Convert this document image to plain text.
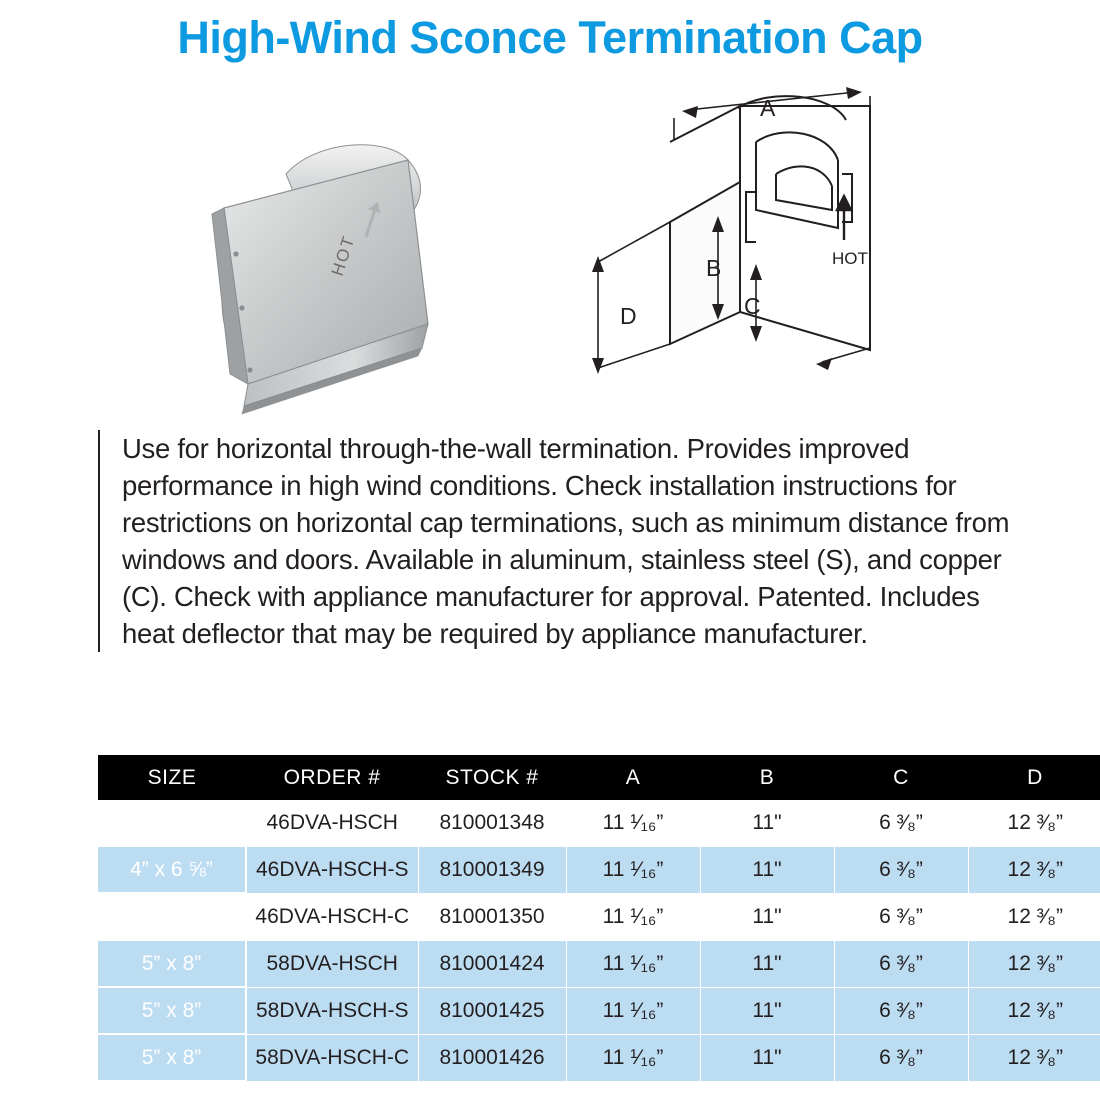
High-Wind Sconce Termination Cap
HOT	HOT
A
B
C
D
Use for horizontal through-the-wall termination. Provides improved performance in high wind conditions. Check installation instructions for restrictions on horizontal cap terminations, such as minimum distance from windows and doors. Available in aluminum, stainless steel (S), and copper (C). Check with appliance manufacturer for approval. Patented. Includes heat deflector that may be required by appliance manufacturer.
SIZE	ORDER #	STOCK #	A	B	C	D
4” x 6 ⅝”	46DVA-HSCH	810001348	11 ¹⁄₁₆”	11"	6 ³⁄₈”	12 ³⁄₈”
4” x 6 ⅝”	46DVA-HSCH-S	810001349	11 ¹⁄₁₆”	11"	6 ³⁄₈”	12 ³⁄₈”
4” x 6 ⅝”	46DVA-HSCH-C	810001350	11 ¹⁄₁₆”	11"	6 ³⁄₈”	12 ³⁄₈”
5” x 8”	58DVA-HSCH	810001424	11 ¹⁄₁₆”	11"	6 ³⁄₈”	12 ³⁄₈”
5” x 8”	58DVA-HSCH-S	810001425	11 ¹⁄₁₆”	11"	6 ³⁄₈”	12 ³⁄₈”
5” x 8”	58DVA-HSCH-C	810001426	11 ¹⁄₁₆”	11"	6 ³⁄₈”	12 ³⁄₈”
